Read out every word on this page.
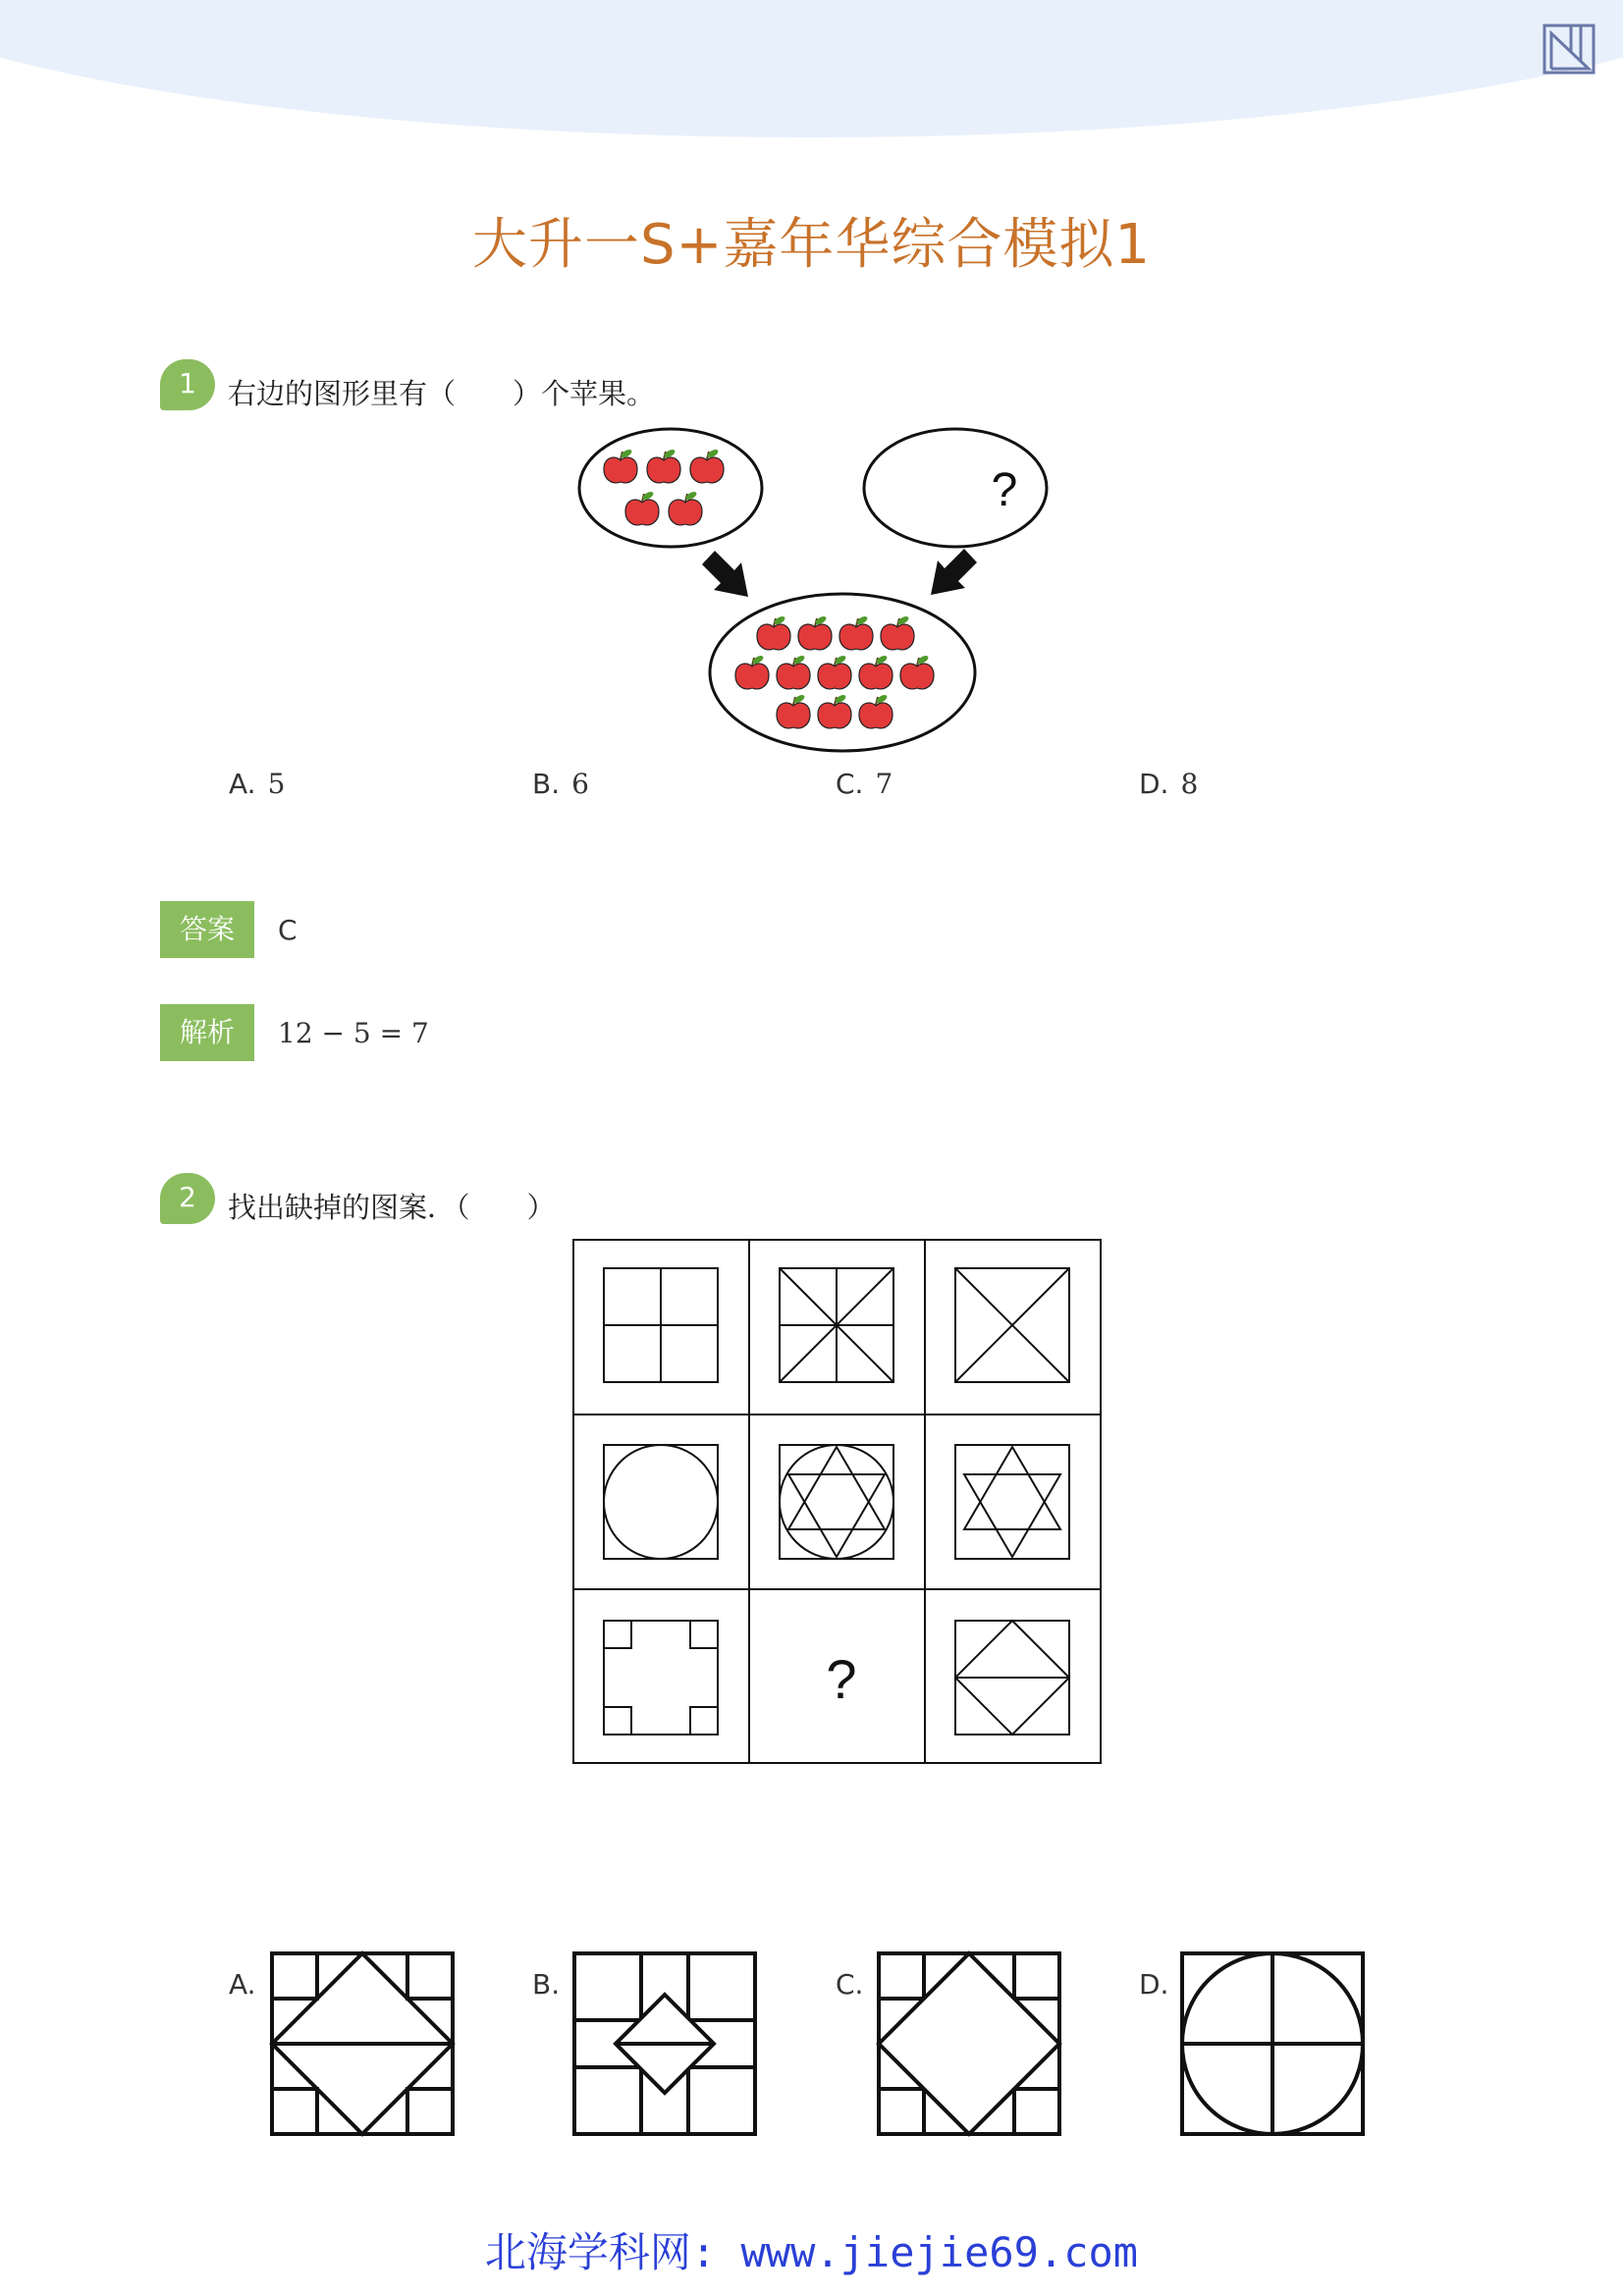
大升一S+嘉年华综合模拟1
1	右边的图形里有（　　）个苹果。
?
A. 5	B. 6	C. 7	D. 8
答案	C
解析	12 − 5 = 7
2	找出缺掉的图案．（　　）
?
A.	B.	C.	D.
北海学科网: www.jiejie69.com
